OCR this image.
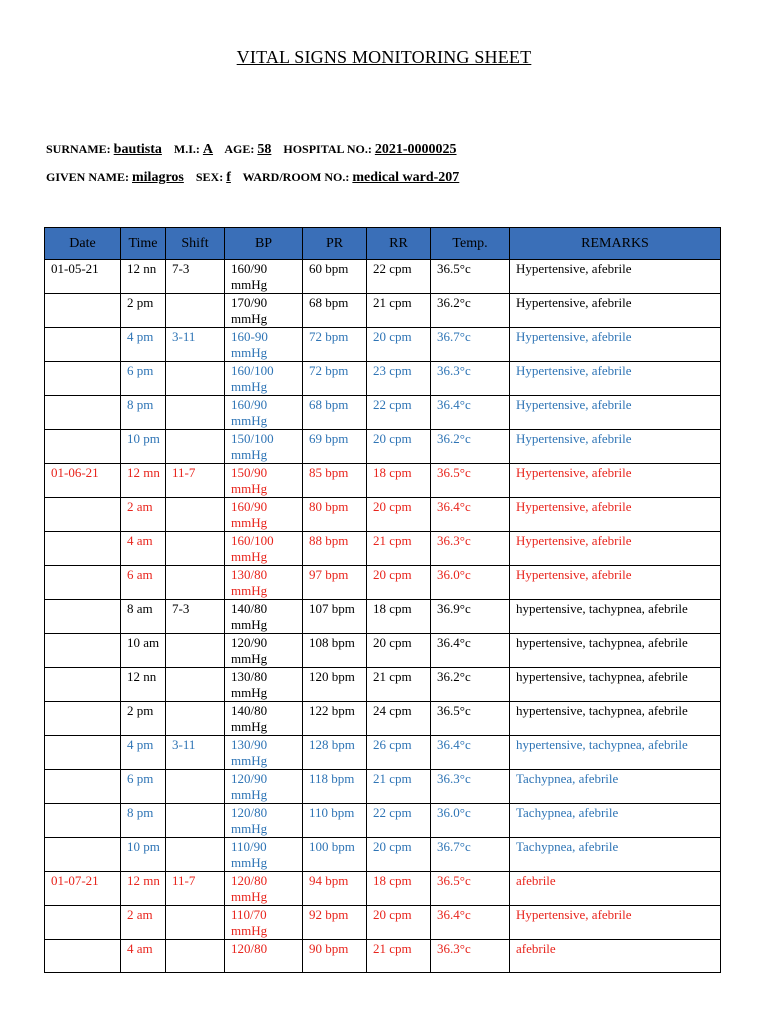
VITAL SIGNS MONITORING SHEET
SURNAME: bautista M.I.: A AGE: 58 HOSPITAL NO.: 2021-0000025
GIVEN NAME: milagros SEX: f WARD/ROOM NO.: medical ward-207
Date	Time	Shift	BP	PR	RR	Temp.	REMARKS
01-05-21	12 nn	7-3	160/90 mmHg	60 bpm	22 cpm	36.5°c	Hypertensive, afebrile
	2 pm		170/90 mmHg	68 bpm	21 cpm	36.2°c	Hypertensive, afebrile
	4 pm	3-11	160-90 mmHg	72 bpm	20 cpm	36.7°c	Hypertensive, afebrile
	6 pm		160/100 mmHg	72 bpm	23 cpm	36.3°c	Hypertensive, afebrile
	8 pm		160/90 mmHg	68 bpm	22 cpm	36.4°c	Hypertensive, afebrile
	10 pm		150/100 mmHg	69 bpm	20 cpm	36.2°c	Hypertensive, afebrile
01-06-21	12 mn	11-7	150/90 mmHg	85 bpm	18 cpm	36.5°c	Hypertensive, afebrile
	2 am		160/90 mmHg	80 bpm	20 cpm	36.4°c	Hypertensive, afebrile
	4 am		160/100 mmHg	88 bpm	21 cpm	36.3°c	Hypertensive, afebrile
	6 am		130/80 mmHg	97 bpm	20 cpm	36.0°c	Hypertensive, afebrile
	8 am	7-3	140/80 mmHg	107 bpm	18 cpm	36.9°c	hypertensive, tachypnea, afebrile
	10 am		120/90 mmHg	108 bpm	20 cpm	36.4°c	hypertensive, tachypnea, afebrile
	12 nn		130/80 mmHg	120 bpm	21 cpm	36.2°c	hypertensive, tachypnea, afebrile
	2 pm		140/80 mmHg	122 bpm	24 cpm	36.5°c	hypertensive, tachypnea, afebrile
	4 pm	3-11	130/90 mmHg	128 bpm	26 cpm	36.4°c	hypertensive, tachypnea, afebrile
	6 pm		120/90 mmHg	118 bpm	21 cpm	36.3°c	Tachypnea, afebrile
	8 pm		120/80 mmHg	110 bpm	22 cpm	36.0°c	Tachypnea, afebrile
	10 pm		110/90 mmHg	100 bpm	20 cpm	36.7°c	Tachypnea, afebrile
01-07-21	12 mn	11-7	120/80 mmHg	94 bpm	18 cpm	36.5°c	afebrile
	2 am		110/70 mmHg	92 bpm	20 cpm	36.4°c	Hypertensive, afebrile
	4 am		120/80	90 bpm	21 cpm	36.3°c	afebrile
